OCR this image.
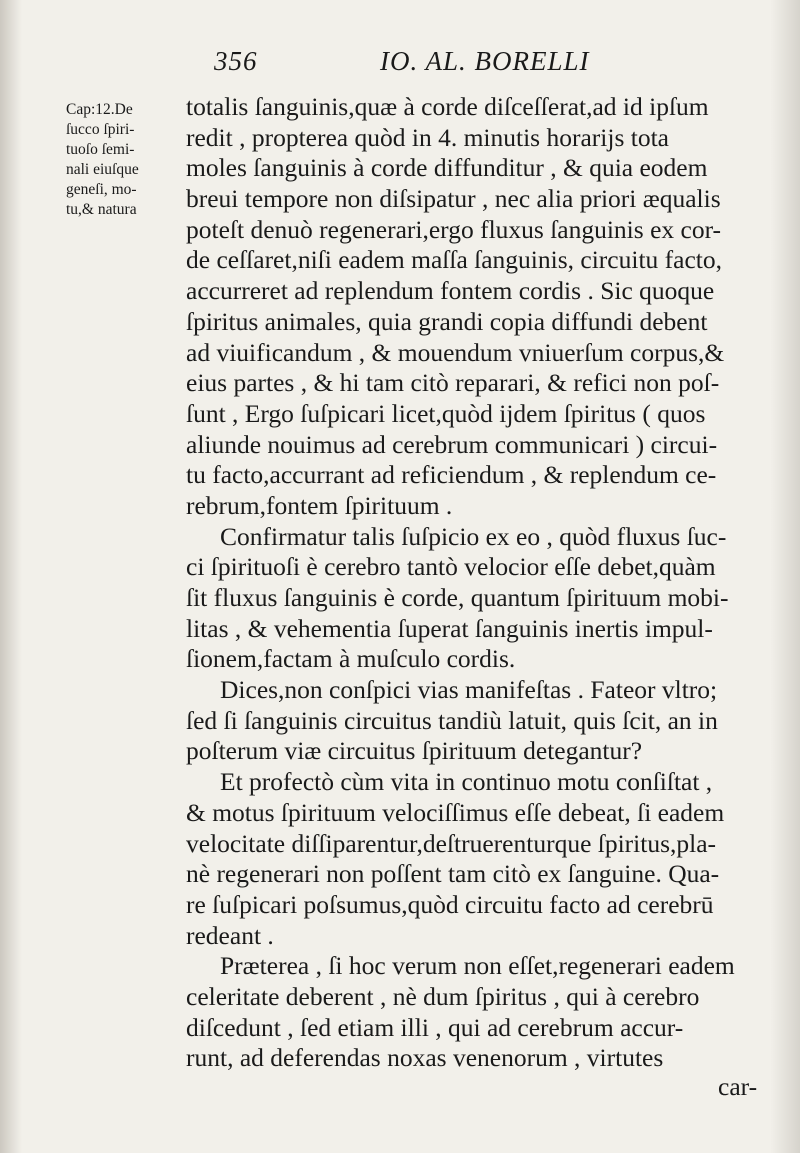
356	IO. AL. BORELLI
Cap:12.De
ſucco ſpiri-
tuoſo ſemi-
nali eiuſque
geneſi, mo-
tu,& natura
totalis ſanguinis,quæ à corde diſceſſerat,ad id ipſum
redit , propterea quòd in 4. minutis horarijs tota
moles ſanguinis à corde diffunditur , & quia eodem
breui tempore non diſsipatur , nec alia priori æqualis
poteſt denuò regenerari,ergo fluxus ſanguinis ex cor-
de ceſſaret,niſi eadem maſſa ſanguinis, circuitu facto,
accurreret ad replendum fontem cordis . Sic quoque
ſpiritus animales, quia grandi copia diffundi debent
ad viuificandum , & mouendum vniuerſum corpus,&
eius partes , & hi tam citò reparari, & refici non poſ-
ſunt , Ergo ſuſpicari licet,quòd ijdem ſpiritus ( quos
aliunde nouimus ad cerebrum communicari ) circui-
tu facto,accurrant ad reficiendum , & replendum ce-
rebrum,fontem ſpirituum .
Confirmatur talis ſuſpicio ex eo , quòd fluxus ſuc-
ci ſpirituoſi è cerebro tantò velocior eſſe debet,quàm
ſit fluxus ſanguinis è corde, quantum ſpirituum mobi-
litas , & vehementia ſuperat ſanguinis inertis impul-
ſionem,factam à muſculo cordis.
Dices,non conſpici vias manifeſtas . Fateor vltro;
ſed ſi ſanguinis circuitus tandiù latuit, quis ſcit, an in
poſterum viæ circuitus ſpirituum detegantur?
Et profectò cùm vita in continuo motu conſiſtat ,
& motus ſpirituum velociſſimus eſſe debeat, ſi eadem
velocitate diſſiparentur,deſtruerenturque ſpiritus,pla-
nè regenerari non poſſent tam citò ex ſanguine. Qua-
re ſuſpicari poſsumus,quòd circuitu facto ad cerebrū
redeant .
Præterea , ſi hoc verum non eſſet,regenerari eadem
celeritate deberent , nè dum ſpiritus , qui à cerebro
diſcedunt , ſed etiam illi , qui ad cerebrum accur-
runt, ad deferendas noxas venenorum , virtutes
car-
